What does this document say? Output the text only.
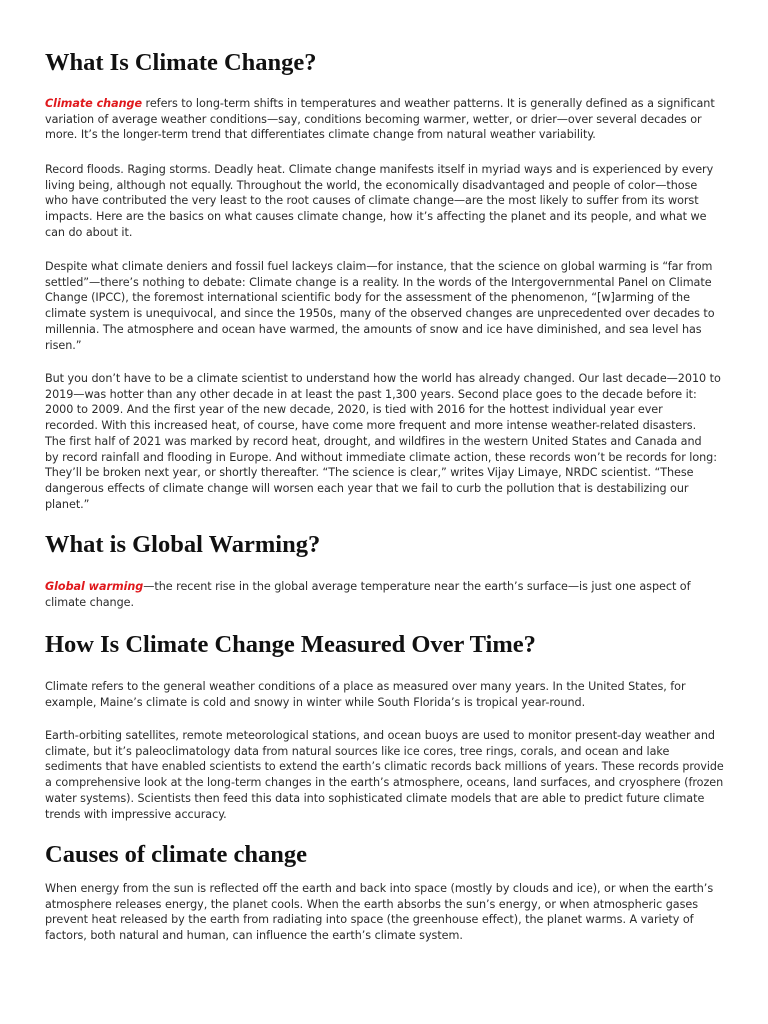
What Is Climate Change?

Climate change refers to long-term shifts in temperatures and weather patterns. It is generally defined as a significant
variation of average weather conditions—say, conditions becoming warmer, wetter, or drier—over several decades or
more. It’s the longer-term trend that differentiates climate change from natural weather variability.

Record floods. Raging storms. Deadly heat. Climate change manifests itself in myriad ways and is experienced by every
living being, although not equally. Throughout the world, the economically disadvantaged and people of color—those
who have contributed the very least to the root causes of climate change—are the most likely to suffer from its worst
impacts. Here are the basics on what causes climate change, how it’s affecting the planet and its people, and what we
can do about it.

Despite what climate deniers and fossil fuel lackeys claim—for instance, that the science on global warming is “far from
settled”—there’s nothing to debate: Climate change is a reality. In the words of the Intergovernmental Panel on Climate
Change (IPCC), the foremost international scientific body for the assessment of the phenomenon, “[w]arming of the
climate system is unequivocal, and since the 1950s, many of the observed changes are unprecedented over decades to
millennia. The atmosphere and ocean have warmed, the amounts of snow and ice have diminished, and sea level has
risen.”

But you don’t have to be a climate scientist to understand how the world has already changed. Our last decade—2010 to
2019—was hotter than any other decade in at least the past 1,300 years. Second place goes to the decade before it:
2000 to 2009. And the first year of the new decade, 2020, is tied with 2016 for the hottest individual year ever
recorded. With this increased heat, of course, have come more frequent and more intense weather-related disasters.
The first half of 2021 was marked by record heat, drought, and wildfires in the western United States and Canada and
by record rainfall and flooding in Europe. And without immediate climate action, these records won’t be records for long:
They’ll be broken next year, or shortly thereafter. “The science is clear,” writes Vijay Limaye, NRDC scientist. “These
dangerous effects of climate change will worsen each year that we fail to curb the pollution that is destabilizing our
planet.”

What is Global Warming?

Global warming—the recent rise in the global average temperature near the earth’s surface—is just one aspect of
climate change.

How Is Climate Change Measured Over Time?

Climate refers to the general weather conditions of a place as measured over many years. In the United States, for
example, Maine’s climate is cold and snowy in winter while South Florida’s is tropical year-round.

Earth-orbiting satellites, remote meteorological stations, and ocean buoys are used to monitor present-day weather and
climate, but it’s paleoclimatology data from natural sources like ice cores, tree rings, corals, and ocean and lake
sediments that have enabled scientists to extend the earth’s climatic records back millions of years. These records provide
a comprehensive look at the long-term changes in the earth’s atmosphere, oceans, land surfaces, and cryosphere (frozen
water systems). Scientists then feed this data into sophisticated climate models that are able to predict future climate
trends with impressive accuracy.

Causes of climate change

When energy from the sun is reflected off the earth and back into space (mostly by clouds and ice), or when the earth’s
atmosphere releases energy, the planet cools. When the earth absorbs the sun’s energy, or when atmospheric gases
prevent heat released by the earth from radiating into space (the greenhouse effect), the planet warms. A variety of
factors, both natural and human, can influence the earth’s climate system.
